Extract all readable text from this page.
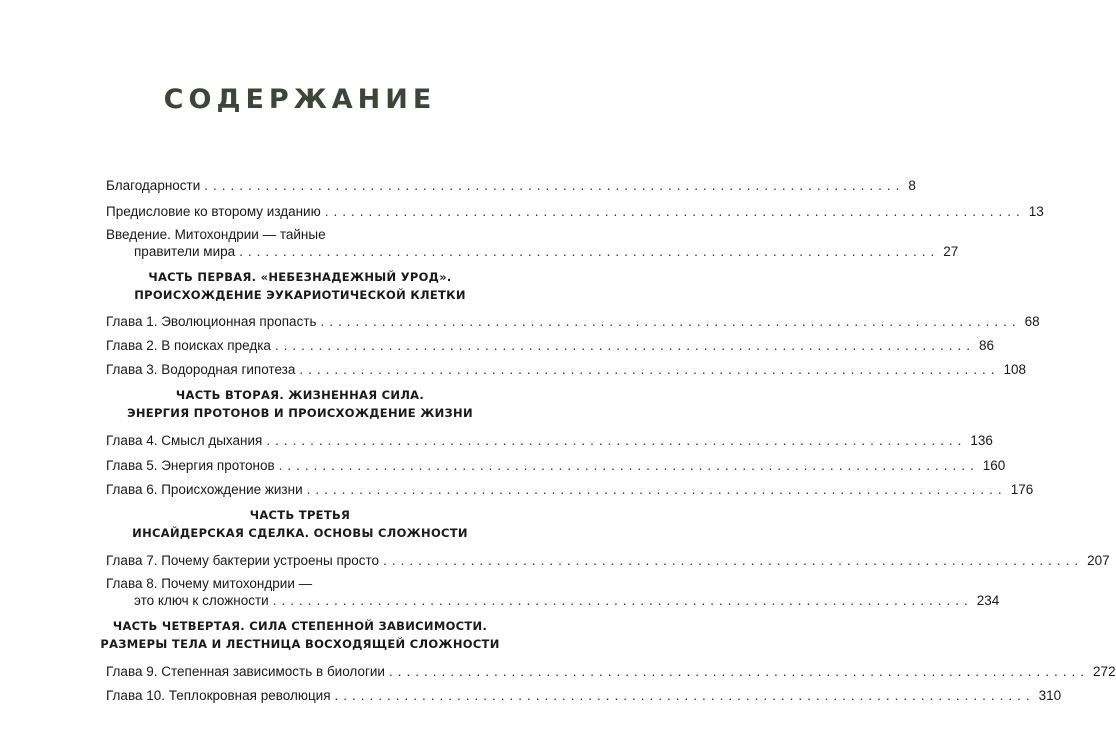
СОДЕРЖАНИЕ
Благодарности ................................................................................ 8
Предисловие ко второму изданию ................................................................................ 13
Введение. Митохондрии — тайные
правители мира ................................................................................ 27
ЧАСТЬ ПЕРВАЯ. «НЕБЕЗНАДЕЖНЫЙ УРОД».
ПРОИСХОЖДЕНИЕ ЭУКАРИОТИЧЕСКОЙ КЛЕТКИ
Глава 1. Эволюционная пропасть ................................................................................ 68
Глава 2. В поисках предка ................................................................................ 86
Глава 3. Водородная гипотеза ................................................................................ 108
ЧАСТЬ ВТОРАЯ. ЖИЗНЕННАЯ СИЛА.
ЭНЕРГИЯ ПРОТОНОВ И ПРОИСХОЖДЕНИЕ ЖИЗНИ
Глава 4. Смысл дыхания ................................................................................ 136
Глава 5. Энергия протонов ................................................................................ 160
Глава 6. Происхождение жизни ................................................................................ 176
ЧАСТЬ ТРЕТЬЯ
ИНСАЙДЕРСКАЯ СДЕЛКА. ОСНОВЫ СЛОЖНОСТИ
Глава 7. Почему бактерии устроены просто ................................................................................ 207
Глава 8. Почему митохондрии —
это ключ к сложности ................................................................................ 234
ЧАСТЬ ЧЕТВЕРТАЯ. СИЛА СТЕПЕННОЙ ЗАВИСИМОСТИ.
РАЗМЕРЫ ТЕЛА И ЛЕСТНИЦА ВОСХОДЯЩЕЙ СЛОЖНОСТИ
Глава 9. Степенная зависимость в биологии ................................................................................ 272
Глава 10. Теплокровная революция ................................................................................ 310
